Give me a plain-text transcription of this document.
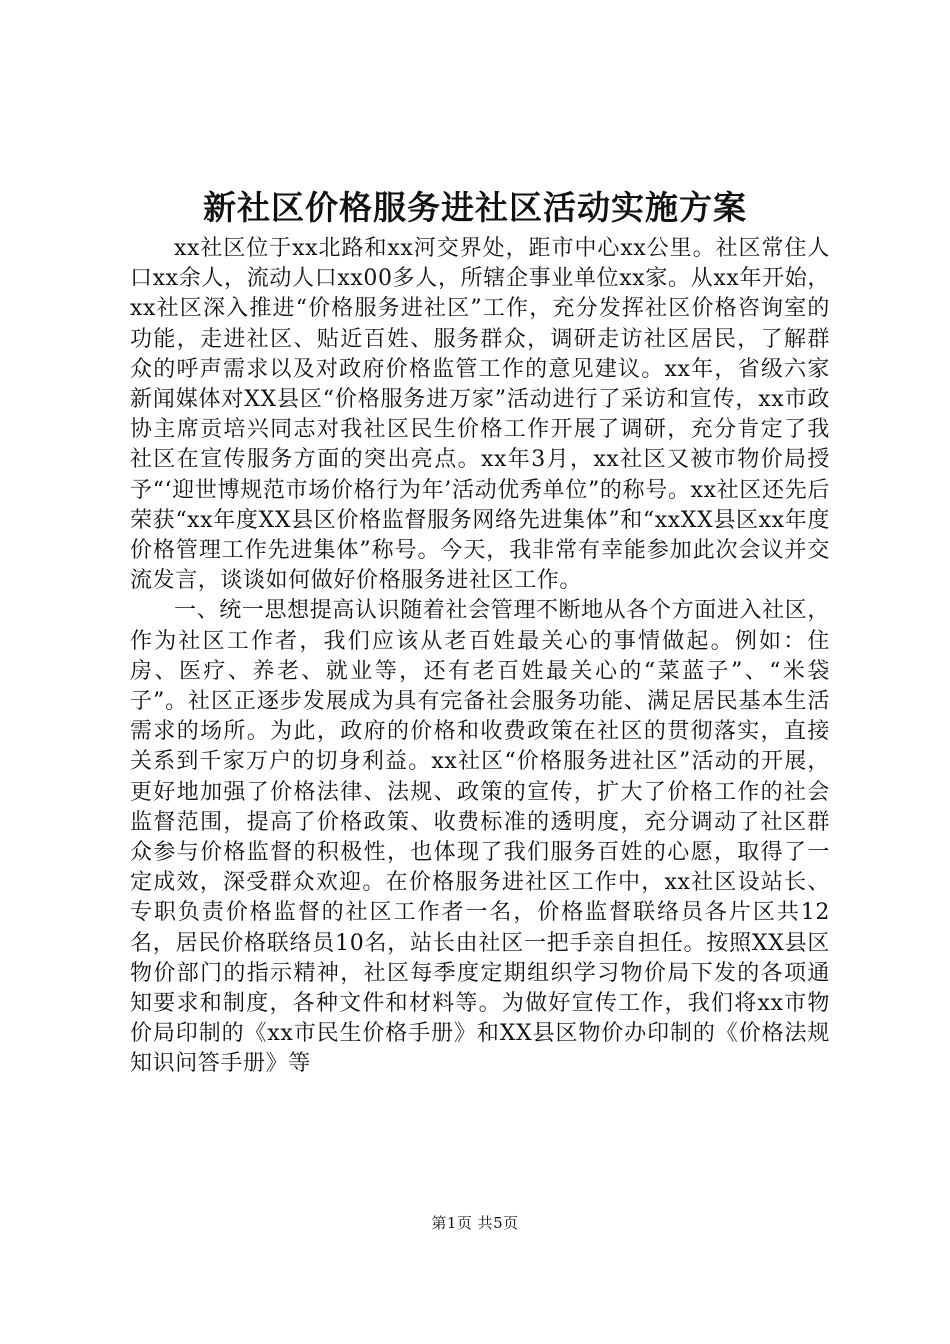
新社区价格服务进社区活动实施方案

xx社区位于xx北路和xx河交界处，距市中心xx公里。社区常住人口xx余人，流动人口xx00多人，所辖企事业单位xx家。从xx年开始，xx社区深入推进“价格服务进社区”工作，充分发挥社区价格咨询室的功能，走进社区、贴近百姓、服务群众，调研走访社区居民，了解群众的呼声需求以及对政府价格监管工作的意见建议。xx年，省级六家新闻媒体对XX县区“价格服务进万家”活动进行了采访和宣传，xx市政协主席贡培兴同志对我社区民生价格工作开展了调研，充分肯定了我社区在宣传服务方面的突出亮点。xx年3月，xx社区又被市物价局授予“‘迎世博规范市场价格行为年’活动优秀单位”的称号。xx社区还先后荣获“xx年度XX县区价格监督服务网络先进集体”和“xxXX县区xx年度价格管理工作先进集体”称号。今天，我非常有幸能参加此次会议并交流发言，谈谈如何做好价格服务进社区工作。

一、统一思想提高认识随着社会管理不断地从各个方面进入社区，作为社区工作者，我们应该从老百姓最关心的事情做起。例如：住房、医疗、养老、就业等，还有老百姓最关心的“菜蓝子”、“米袋子”。社区正逐步发展成为具有完备社会服务功能、满足居民基本生活需求的场所。为此，政府的价格和收费政策在社区的贯彻落实，直接关系到千家万户的切身利益。xx社区“价格服务进社区”活动的开展，更好地加强了价格法律、法规、政策的宣传，扩大了价格工作的社会监督范围，提高了价格政策、收费标准的透明度，充分调动了社区群众参与价格监督的积极性，也体现了我们服务百姓的心愿，取得了一定成效，深受群众欢迎。在价格服务进社区工作中，xx社区设站长、专职负责价格监督的社区工作者一名，价格监督联络员各片区共12名，居民价格联络员10名，站长由社区一把手亲自担任。按照XX县区物价部门的指示精神，社区每季度定期组织学习物价局下发的各项通知要求和制度，各种文件和材料等。为做好宣传工作，我们将xx市物价局印制的《xx市民生价格手册》和XX县区物价办印制的《价格法规知识问答手册》等

第1页 共5页
